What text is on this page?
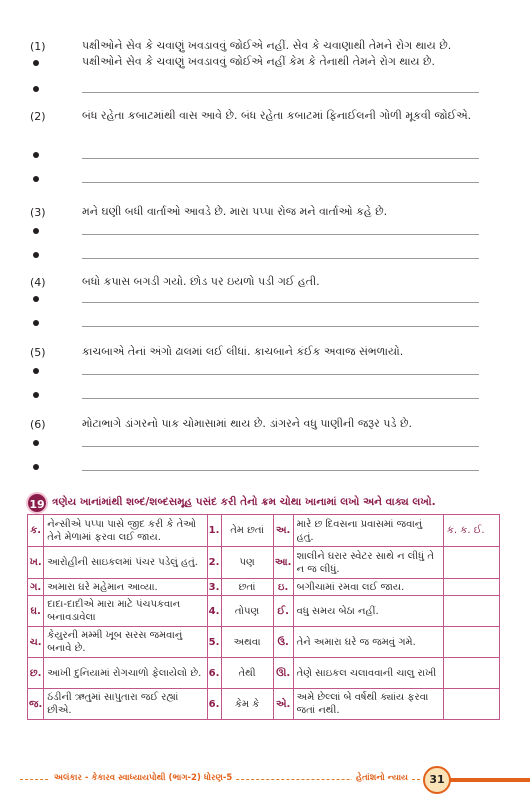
(1)	પક્ષીઓને સેવ કે ચવાણું ખવડાવવું જોઈએ નહીં. સેવ કે ચવાણાથી તેમને રોગ થાય છે.
પક્ષીઓને સેવ કે ચવાણું ખવડાવવું જોઈએ નહીં કેમ કે તેનાથી તેમને રોગ થાય છે.
(2)	બંધ રહેતા કબાટમાંથી વાસ આવે છે. બંધ રહેતા કબાટમાં ફિનાઈલની ગોળી મૂકવી જોઈએ.
(3)	મને ઘણી બધી વાર્તાઓ આવડે છે. મારા પપ્પા રોજ મને વાર્તાઓ કહે છે.
(4)	બધો કપાસ બગડી ગયો. છોડ પર ઇયળો પડી ગઈ હતી.
(5)	કાચબાએ તેનાં અંગો ઢાલમાં લઈ લીધાં. કાચબાને કંઈક અવાજ સંભળાયો.
(6)	મોટાભાગે ડાંગરનો પાક ચોમાસામાં થાય છે. ડાંગરને વધુ પાણીની જરૂર પડે છે.
19 ત્રણેય ખાનાંમાંથી શબ્દ/શબ્દસમૂહ પસંદ કરી તેનો ક્રમ ચોથા ખાનામાં લખો અને વાક્ય લખો.
ક.	નેન્સીએ પપ્પા પાસે જીદ કરી કે તેઓ તેને મેળામાં ફરવા લઈ જાય.	1.	તેમ છતાં	અ.	મારે છ દિવસના પ્રવાસમાં જવાનું હતું.	ક. ક. ઈ.
ખ.	આરોહીની સાઇકલમાં પંચર પડેલું હતું.	2.	પણ	આ.	શાલીને ઘરાર સ્વેટર સાથે ન લીધું તે ન જ લીધું.	
ગ.	અમારા ઘરે મહેમાન આવ્યા.	3.	છતાં	ઇ.	બગીચામાં રમવા લઈ જાય.	
ઘ.	દાદા-દાદીએ મારા માટે પંચપકવાન બનાવડાવેલા	4.	તોપણ	ઈ.	વધુ સમય બેઠા નહીં.	
ચ.	કેયુરની મમ્મી ખૂબ સરસ જમવાનું બનાવે છે.	5.	અથવા	ઉ.	તેને અમારા ઘરે જ જમવું ગમે.	
છ.	આખી દુનિયામાં રોગચાળો ફેલાયેલો છે.	6.	તેથી	ઊ.	તેણે સાઇકલ ચલાવવાની ચાલુ રાખી	
જ.	ઠંડીની ઋતુમાં સાપુતારા જઈ રહ્યાં છીએ.	6.	કેમ કે	એ.	અમે છેલ્લાં બે વર્ષથી ક્યાંય ફરવા જતાં નથી.	
અલંકાર - કેકારવ સ્વાધ્યાયપોથી (ભાગ-2) ધોરણ-5	હેતાંશનો ન્યાય	31
